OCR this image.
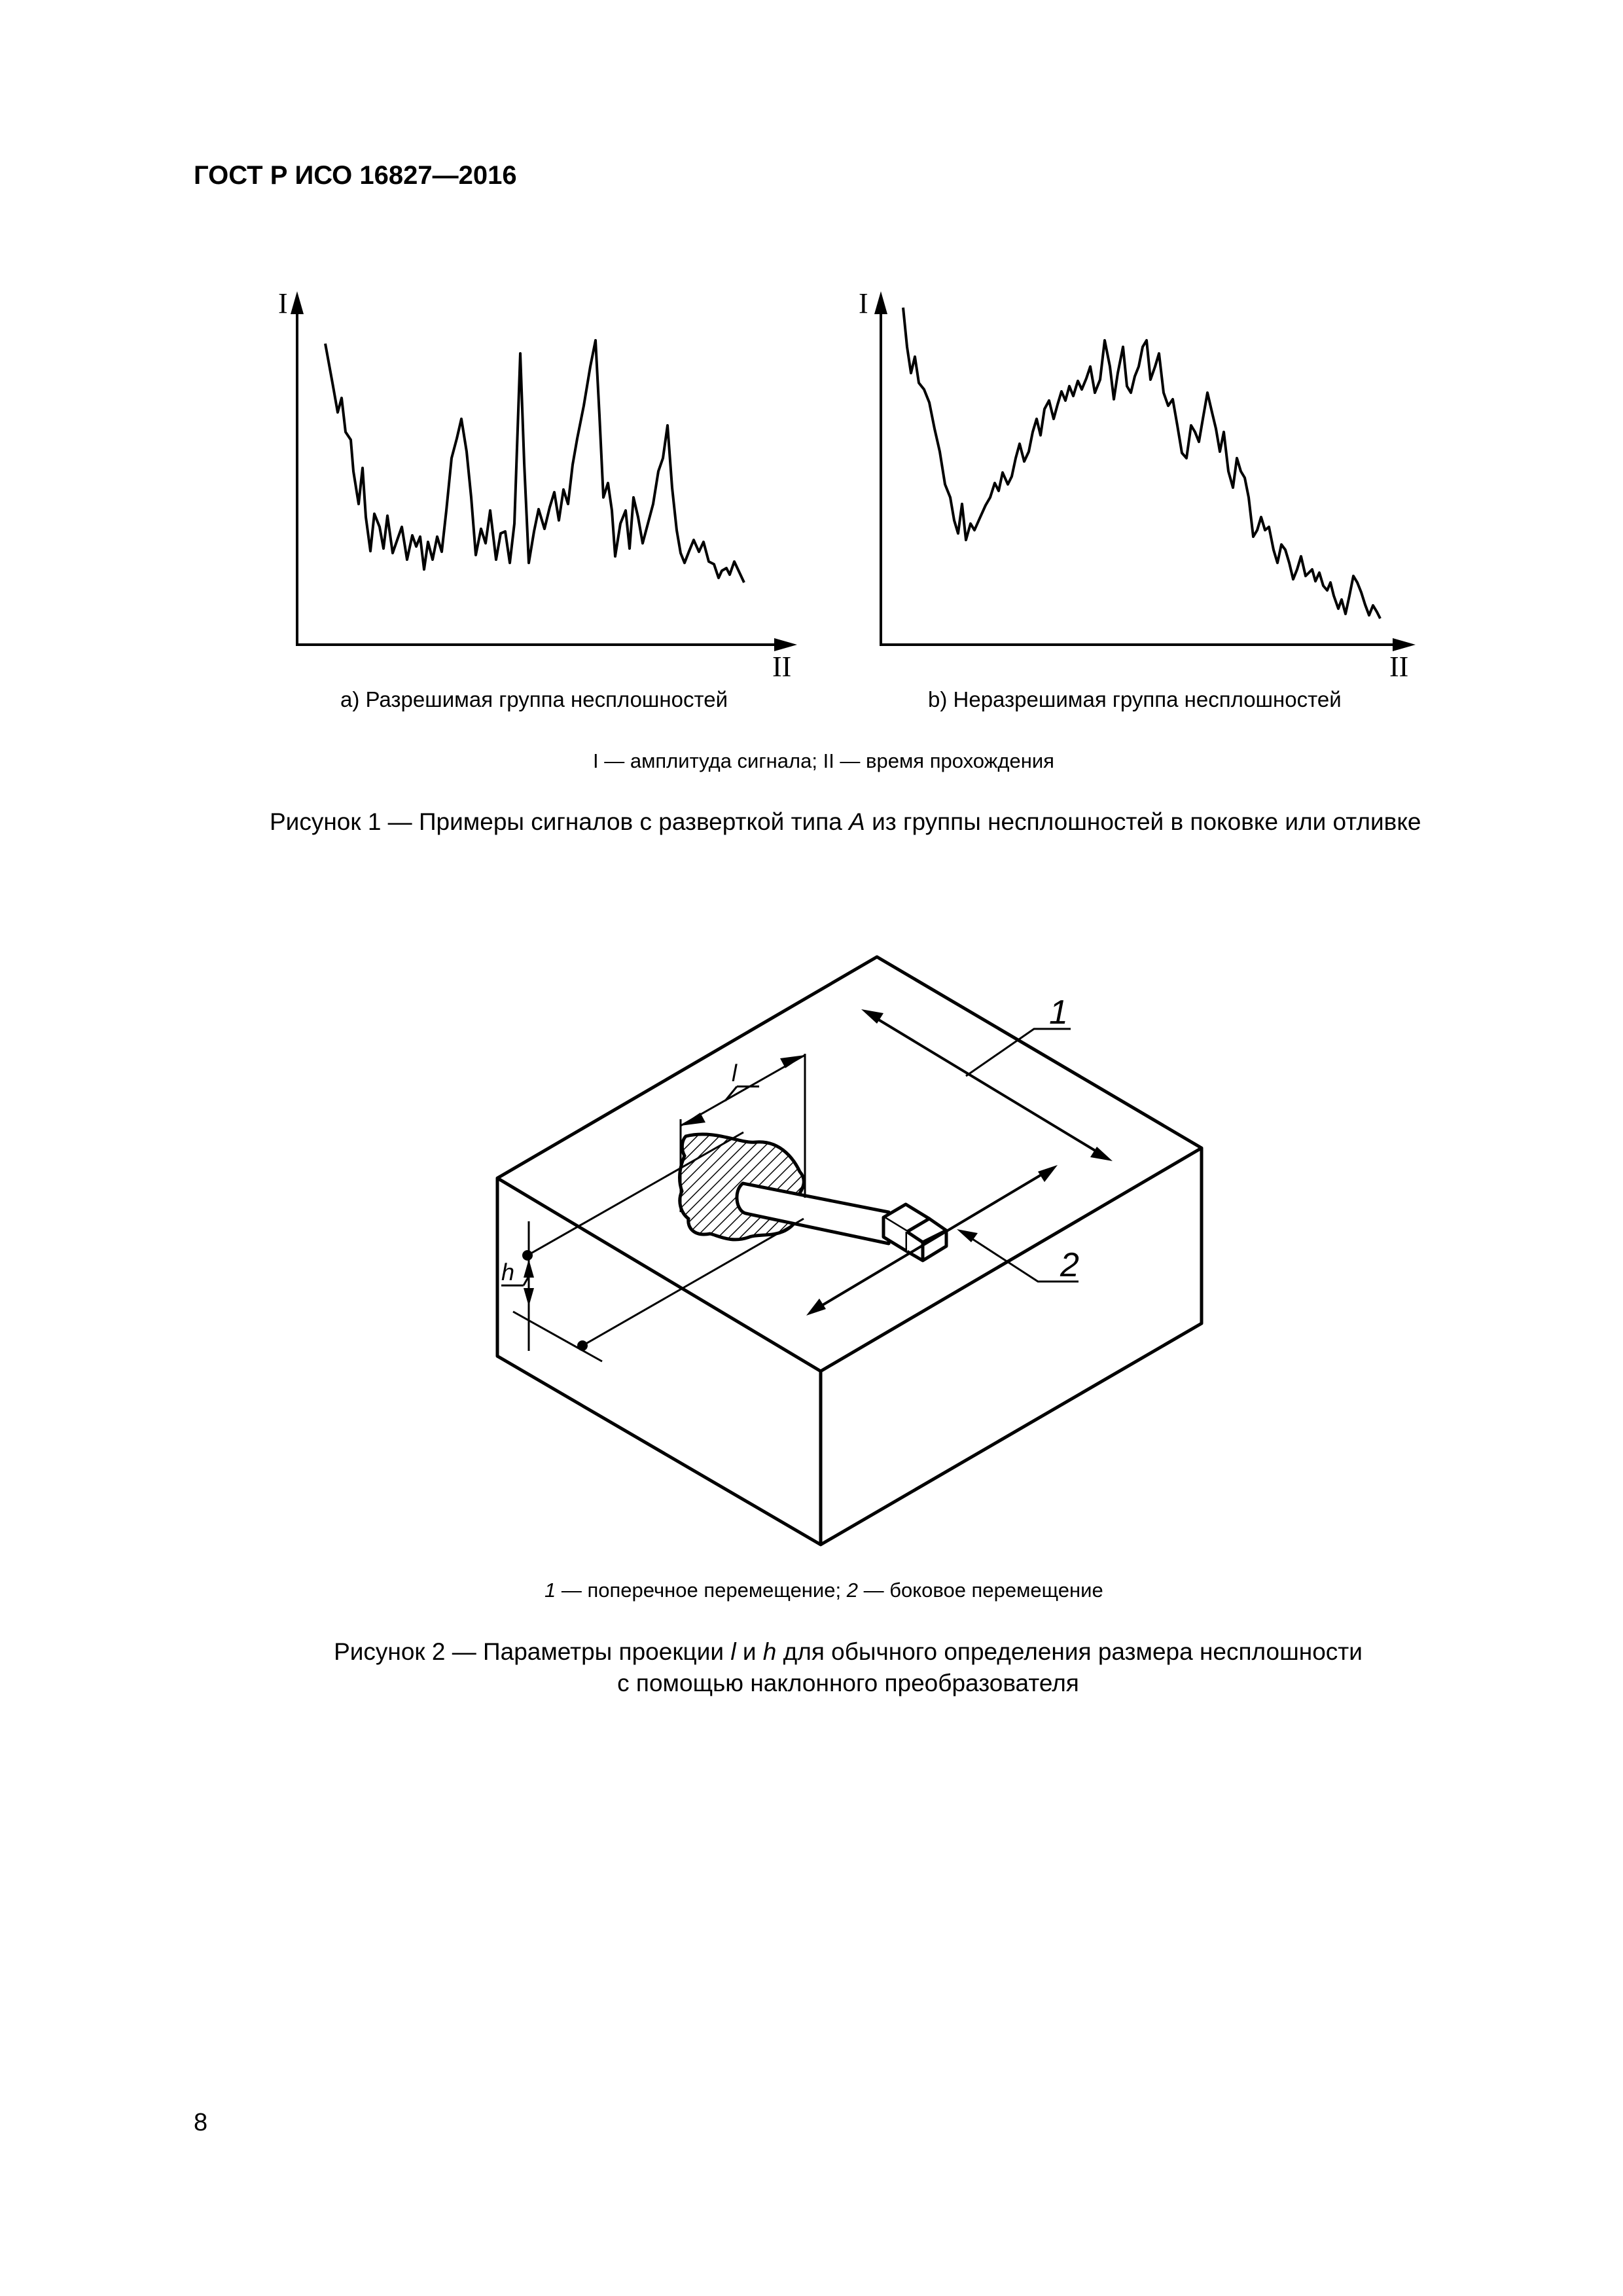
ГОСТ Р ИСО 16827—2016
I
II
I
II
1
2
l
h
a) Разрешимая группа несплошностей	b) Неразрешимая группа несплошностей
I — амплитуда сигнала; II — время прохождения
Рисунок 1 — Примеры сигналов с разверткой типа A из группы несплошностей в поковке или отливке
1 — поперечное перемещение; 2 — боковое перемещение
Рисунок 2 — Параметры проекции l и h для обычного определения размера несплошности
с помощью наклонного преобразователя
8
